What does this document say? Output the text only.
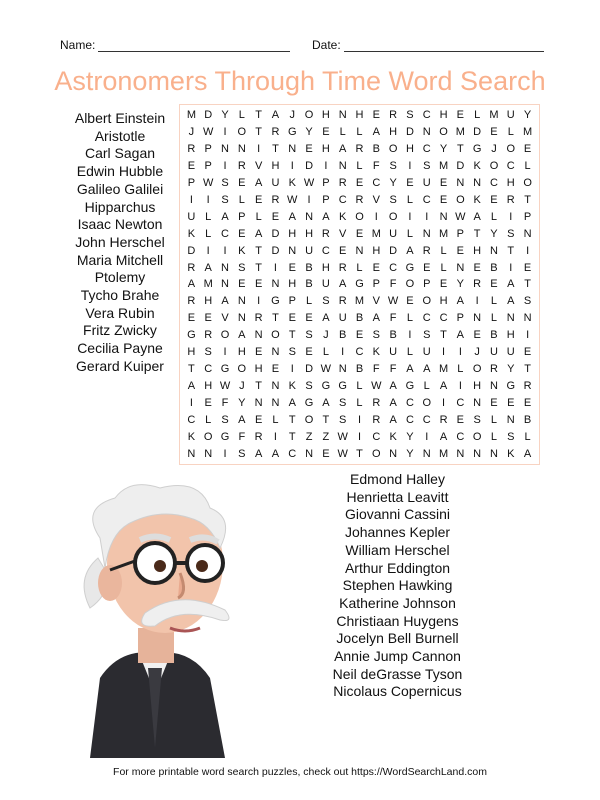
Name:	Date:
Astronomers Through Time Word Search
M D Y L T A J O H N H E R S C H E L M U Y
J W I	O T R G Y E L L A H D N O M D E L M
R P N N	I	T N E H A R B O H C Y T G J O E
E P	I	R V H	I	D	I	N L F S	I	S M D K O C L
P W S E A U K W P R E C Y E U E N N C H O
I	I	S L E R W I	P C R V S L C E O K E R T
U L A P L E A N A K O	I	O	I	I	N W A L	I	P
K L C E A D H H R V E M U L N M P T Y S N
D	I	I	K T D N U C E N H D A R L E H N T	I
R A N S T	I	E B H R L E C G E L N E B	I	E
A M N E E N H B U A G P F O P E Y R E A T
R H A N	I G P L S R M V W E O H A	I	L A S
E E V N R T E E A U B A F L C C P N L N N
G R O A N O T S J B E S B	I	S T A E B H	I
H S	I	H E N S E L	I	C K U L U	I	I	J U U E
T C G O H E	I	D W N B F F A A M L O R Y T
A H W J T N K S G G L W A G L A	I	H N G R
I	E F Y N N A G A S L R A C O I	C N E E E
C L S A E L T O T S	I	R A C C R E S L N B
K O G F R	I	T Z Z W I	C K Y	I	A C O L S L
N N	I	S A A C N E W T O N Y N M N N N K A
Albert Einstein
Aristotle
Carl Sagan
Edwin Hubble
Galileo Galilei
Hipparchus
Isaac Newton
John Herschel
Maria Mitchell
Ptolemy
Tycho Brahe
Vera Rubin
Fritz Zwicky
Cecilia Payne
Gerard Kuiper
Edmond Halley
Henrietta Leavitt
Giovanni Cassini
Johannes Kepler
William Herschel
Arthur Eddington
Stephen Hawking
Katherine Johnson
Christiaan Huygens
Jocelyn Bell Burnell
Annie Jump Cannon
Neil deGrasse Tyson
Nicolaus Copernicus
For more printable word search puzzles, check out https://WordSearchLand.com
